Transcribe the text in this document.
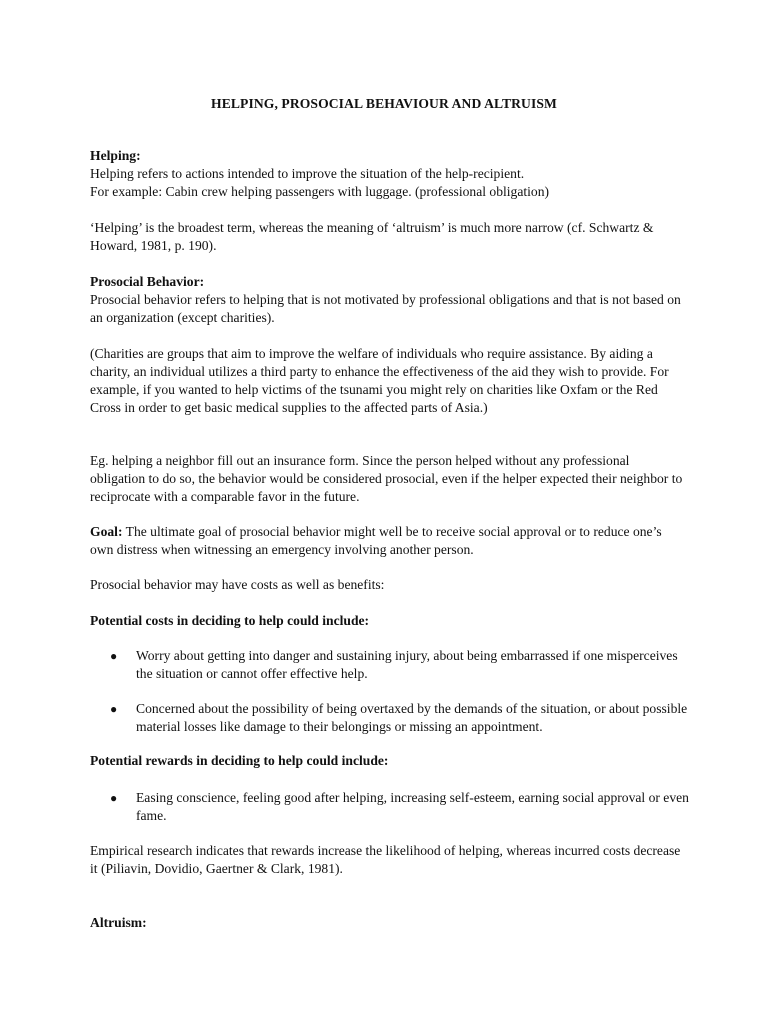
HELPING, PROSOCIAL BEHAVIOUR AND ALTRUISM

Helping:

Helping refers to actions intended to improve the situation of the help-recipient.

For example: Cabin crew helping passengers with luggage. (professional obligation)

‘Helping’ is the broadest term, whereas the meaning of ‘altruism’ is much more narrow (cf. Schwartz & Howard, 1981, p. 190).

Prosocial Behavior:

Prosocial behavior refers to helping that is not motivated by professional obligations and that is not based on an organization (except charities).

(Charities are groups that aim to improve the welfare of individuals who require assistance. By aiding a charity, an individual utilizes a third party to enhance the effectiveness of the aid they wish to provide. For example, if you wanted to help victims of the tsunami you might rely on charities like Oxfam or the Red Cross in order to get basic medical supplies to the affected parts of Asia.)

Eg. helping a neighbor fill out an insurance form. Since the person helped without any professional obligation to do so, the behavior would be considered prosocial, even if the helper expected their neighbor to reciprocate with a comparable favor in the future.

Goal: The ultimate goal of prosocial behavior might well be to receive social approval or to reduce one’s own distress when witnessing an emergency involving another person.

Prosocial behavior may have costs as well as benefits:

Potential costs in deciding to help could include:

●	Worry about getting into danger and sustaining injury, about being embarrassed if one misperceives the situation or cannot offer effective help.
●	Concerned about the possibility of being overtaxed by the demands of the situation, or about possible material losses like damage to their belongings or missing an appointment.

Potential rewards in deciding to help could include:

●	Easing conscience, feeling good after helping, increasing self-esteem, earning social approval or even fame.

Empirical research indicates that rewards increase the likelihood of helping, whereas incurred costs decrease it (Piliavin, Dovidio, Gaertner & Clark, 1981).

Altruism:
